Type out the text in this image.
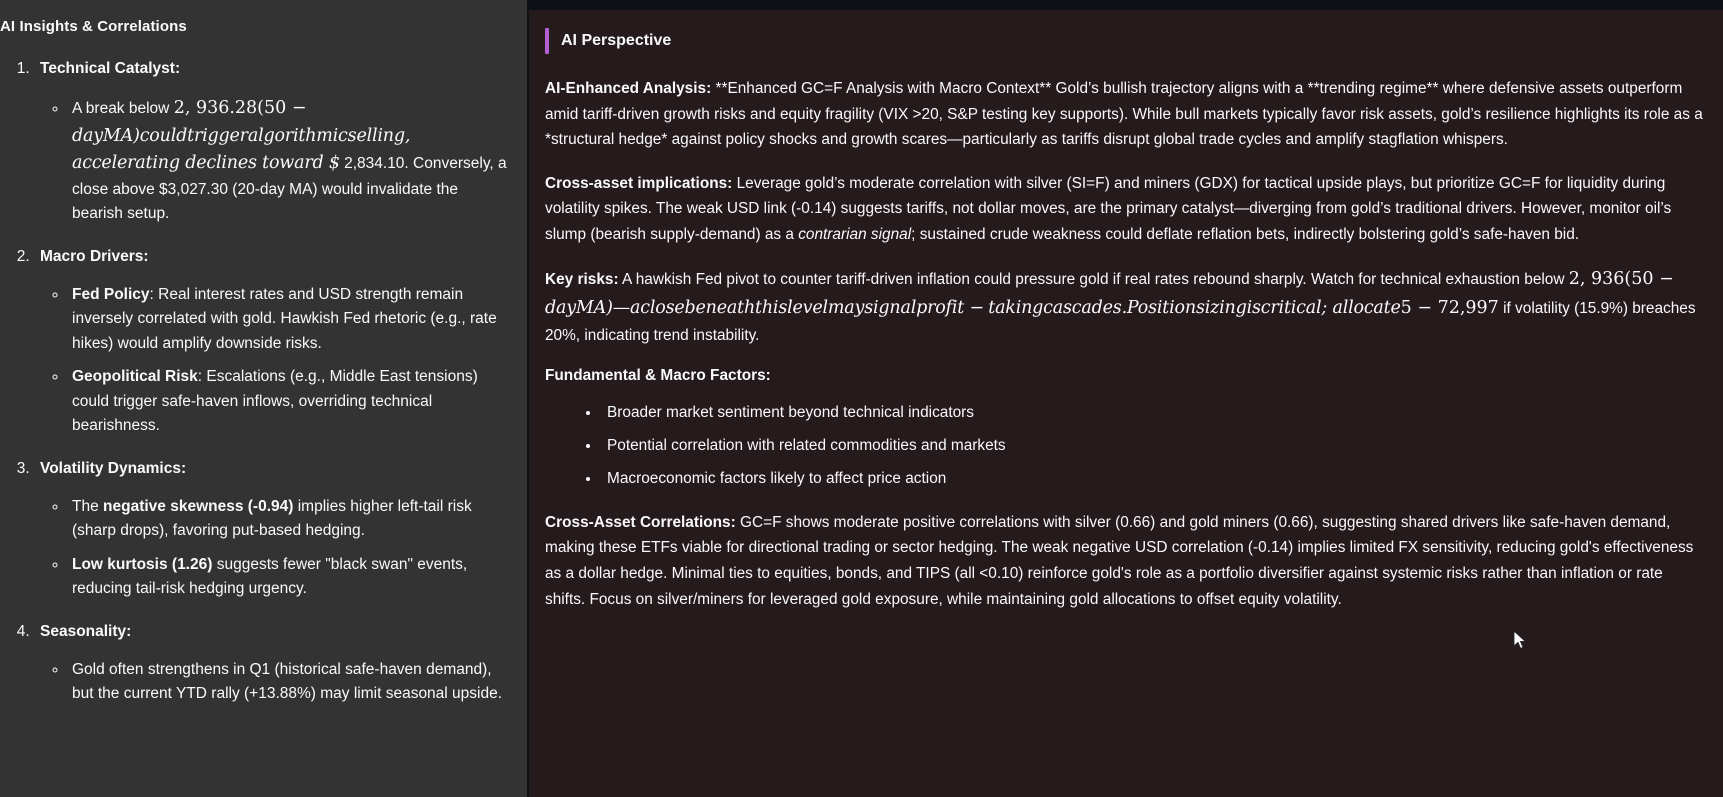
AI Insights & Correlations
1. Technical Catalyst:
◦ A break below 2, 936.28(50 − dayMA)couldtriggeralgorithmicselling, accelerating declines toward $ 2,834.10. Conversely, a close above $3,027.30 (20-day MA) would invalidate the bearish setup.
2. Macro Drivers:
◦ Fed Policy: Real interest rates and USD strength remain inversely correlated with gold. Hawkish Fed rhetoric (e.g., rate hikes) would amplify downside risks.
◦ Geopolitical Risk: Escalations (e.g., Middle East tensions) could trigger safe-haven inflows, overriding technical bearishness.
3. Volatility Dynamics:
◦ The negative skewness (-0.94) implies higher left-tail risk (sharp drops), favoring put-based hedging.
◦ Low kurtosis (1.26) suggests fewer "black swan" events, reducing tail-risk hedging urgency.
4. Seasonality:
◦ Gold often strengthens in Q1 (historical safe-haven demand), but the current YTD rally (+13.88%) may limit seasonal upside.
AI Perspective

AI-Enhanced Analysis: **Enhanced GC=F Analysis with Macro Context** Gold’s bullish trajectory aligns with a **trending regime** where defensive assets outperform amid tariff-driven growth risks and equity fragility (VIX >20, S&P testing key supports). While bull markets typically favor risk assets, gold’s resilience highlights its role as a *structural hedge* against policy shocks and growth scares—particularly as tariffs disrupt global trade cycles and amplify stagflation whispers.

Cross-asset implications: Leverage gold’s moderate correlation with silver (SI=F) and miners (GDX) for tactical upside plays, but prioritize GC=F for liquidity during volatility spikes. The weak USD link (-0.14) suggests tariffs, not dollar moves, are the primary catalyst—diverging from gold’s traditional drivers. However, monitor oil’s slump (bearish supply-demand) as a contrarian signal; sustained crude weakness could deflate reflation bets, indirectly bolstering gold’s safe-haven bid.

Key risks: A hawkish Fed pivot to counter tariff-driven inflation could pressure gold if real rates rebound sharply. Watch for technical exhaustion below 2, 936(50 − dayMA)—aclosebeneaththislevelmaysignalprofit − takingcascades.Positionsizingiscritical; allocate5 − 72,997 if volatility (15.9%) breaches 20%, indicating trend instability.

Fundamental & Macro Factors:
• Broader market sentiment beyond technical indicators
• Potential correlation with related commodities and markets
• Macroeconomic factors likely to affect price action

Cross-Asset Correlations: GC=F shows moderate positive correlations with silver (0.66) and gold miners (0.66), suggesting shared drivers like safe-haven demand, making these ETFs viable for directional trading or sector hedging. The weak negative USD correlation (-0.14) implies limited FX sensitivity, reducing gold's effectiveness as a dollar hedge. Minimal ties to equities, bonds, and TIPS (all <0.10) reinforce gold's role as a portfolio diversifier against systemic risks rather than inflation or rate shifts. Focus on silver/miners for leveraged gold exposure, while maintaining gold allocations to offset equity volatility.
